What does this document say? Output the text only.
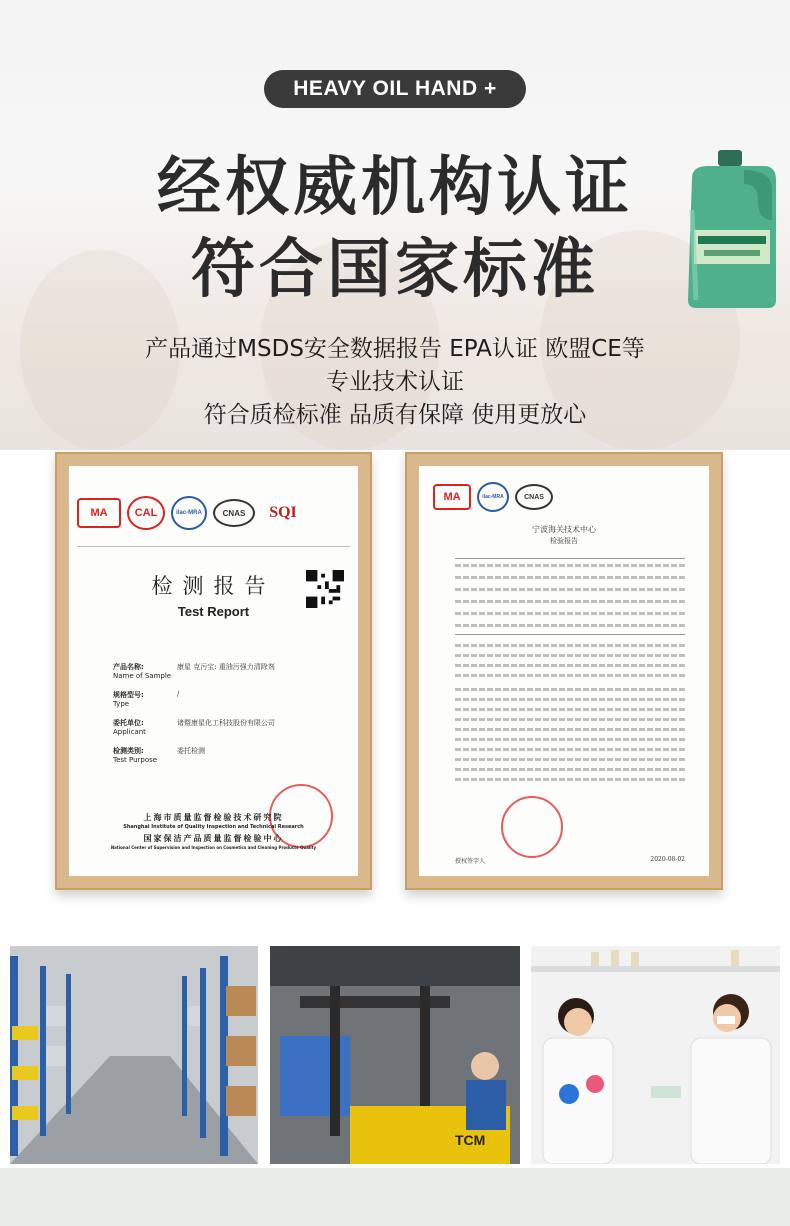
HEAVY OIL HAND +
经权威机构认证
符合国家标准
产品通过MSDS安全数据报告 EPA认证 欧盟CE等
专业技术认证
符合质检标准 品质有保障 使用更放心
MA	CAL	ilac-MRA	CNAS	SQI
检测报告
Test Report
产品名称:
Name of Sample
康星 克污宝: 重油污强力清除剂
规格型号:
Type
/
委托单位:
Applicant
诸暨康星化工科技股份有限公司
检测类别:
Test Purpose
委托检测
上海市质量监督检验技术研究院
Shanghai Institute of Quality Inspection and Technical Research
国家保洁产品质量监督检验中心
National Center of Supervision and Inspection on Cosmetics and Cleaning Products Quality
MA	ilac-MRA	CNAS
宁波海关技术中心
检验报告
授权签字人	2020-08-02
TCM
